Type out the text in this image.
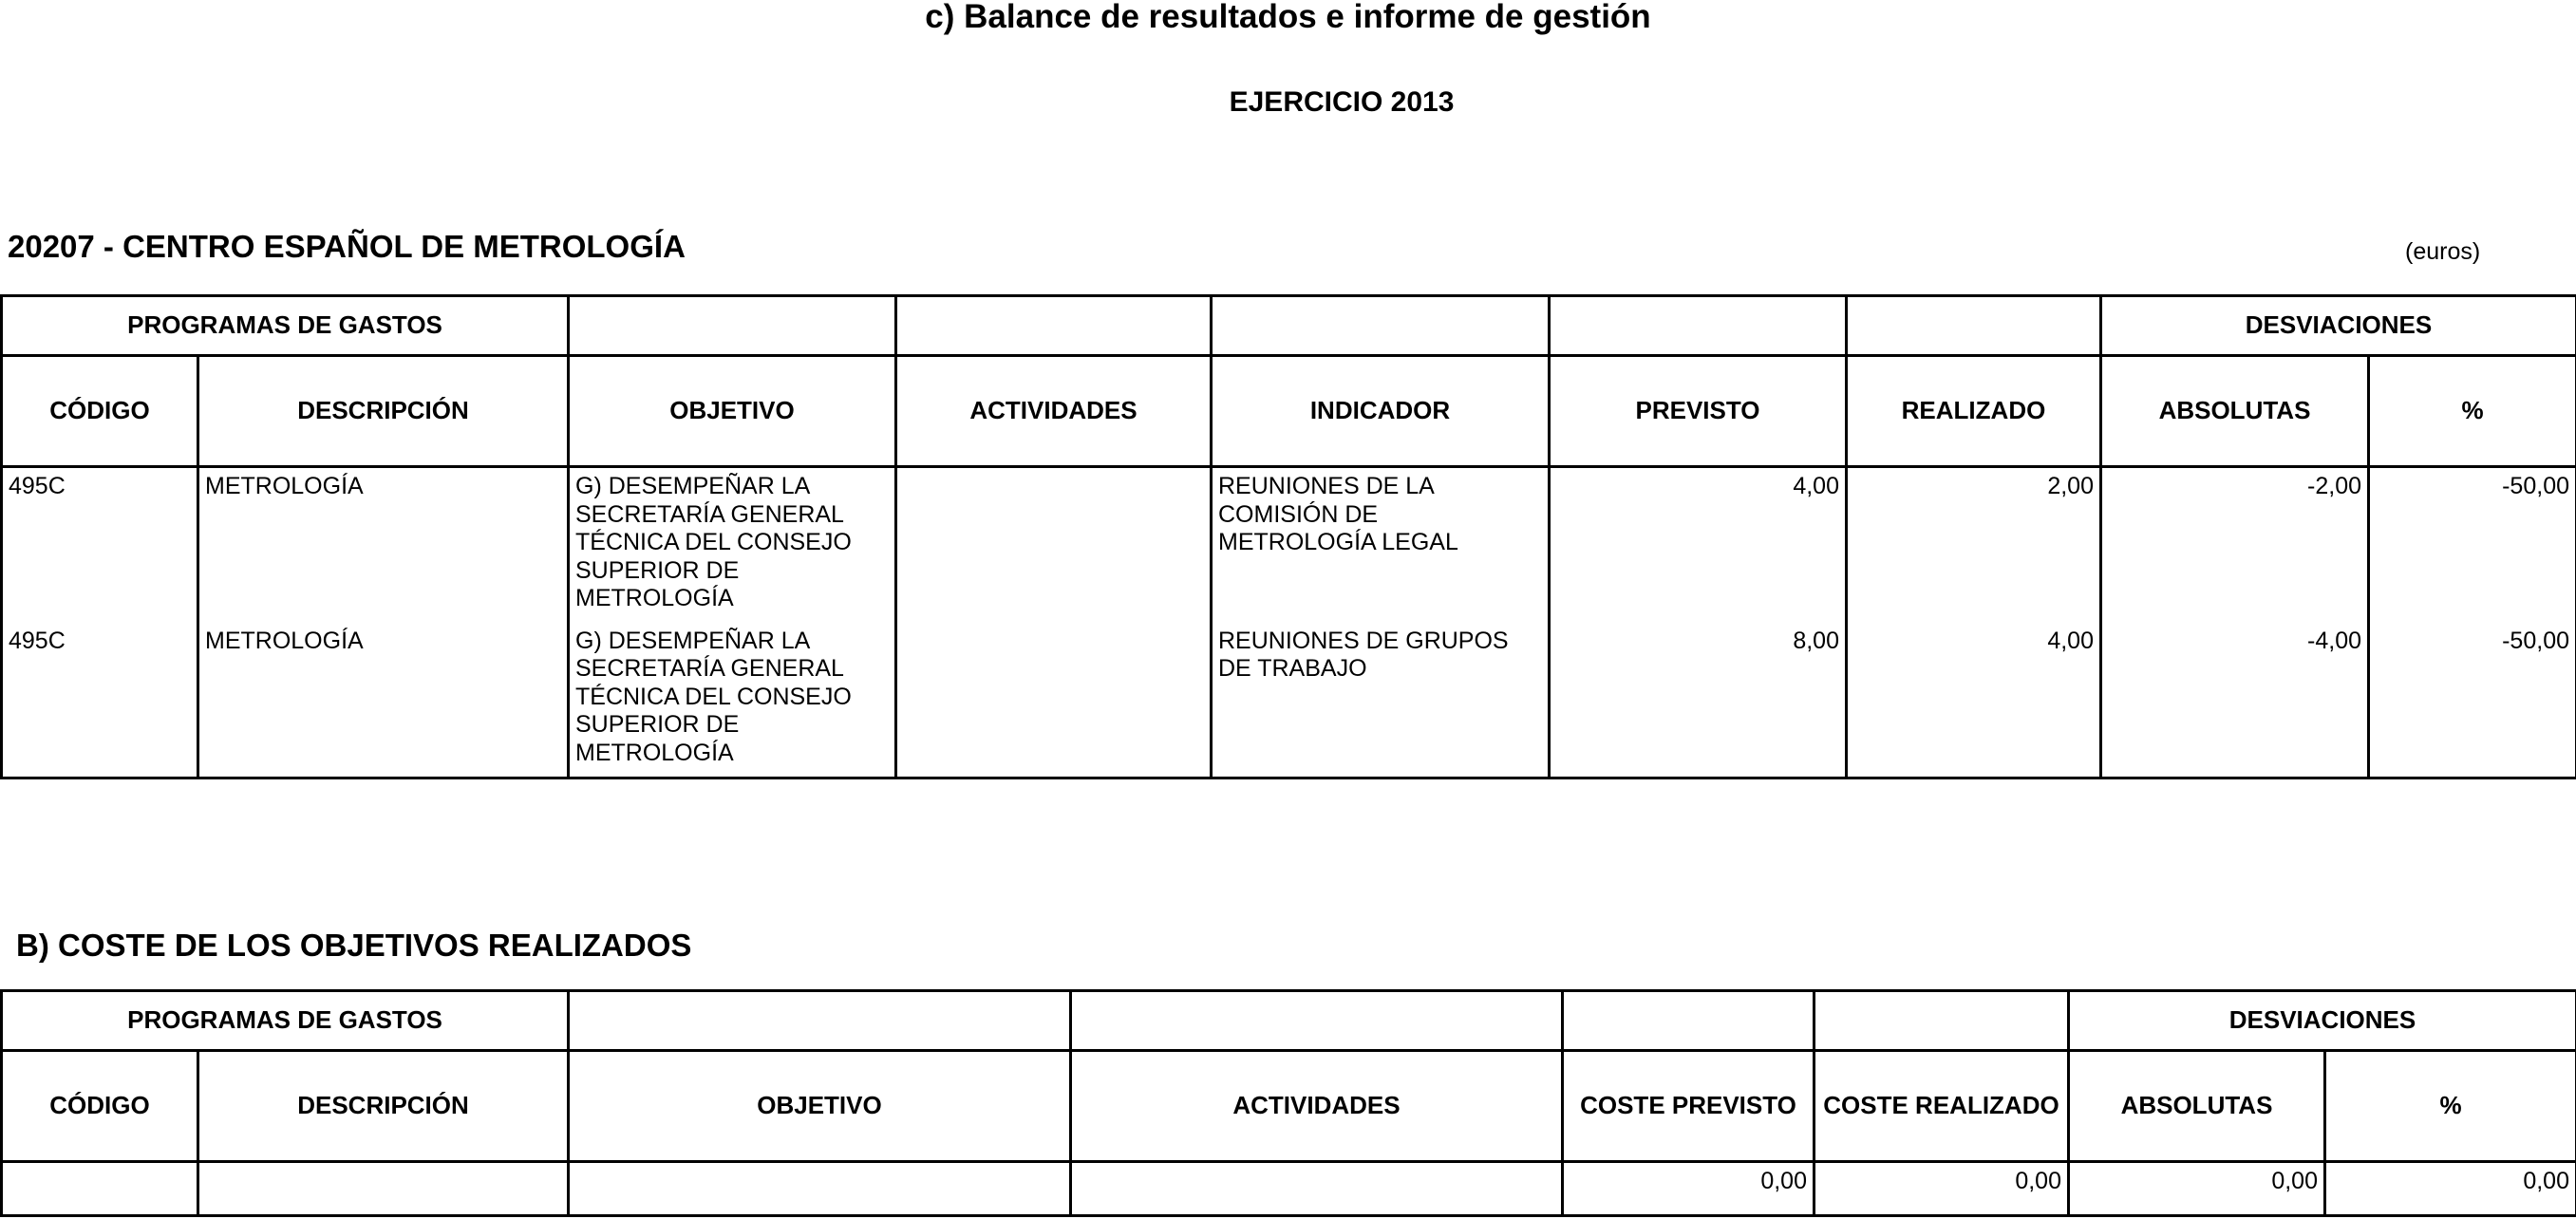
c) Balance de resultados e informe de gestión
EJERCICIO 2013
20207 - CENTRO ESPAÑOL DE METROLOGÍA	(euros)
PROGRAMAS DE GASTOS							DESVIACIONES	
CÓDIGO	DESCRIPCIÓN	OBJETIVO	ACTIVIDADES	INDICADOR	PREVISTO	REALIZADO	ABSOLUTAS	%
495C	METROLOGÍA	G) DESEMPEÑAR LA SECRETARÍA GENERAL TÉCNICA DEL CONSEJO SUPERIOR DE METROLOGÍA		REUNIONES DE LA COMISIÓN DE METROLOGÍA LEGAL	4,00	2,00	-2,00	-50,00
495C	METROLOGÍA	G) DESEMPEÑAR LA SECRETARÍA GENERAL TÉCNICA DEL CONSEJO SUPERIOR DE METROLOGÍA		REUNIONES DE GRUPOS DE TRABAJO	8,00	4,00	-4,00	-50,00
B) COSTE DE LOS OBJETIVOS REALIZADOS
PROGRAMAS DE GASTOS						DESVIACIONES	
CÓDIGO	DESCRIPCIÓN	OBJETIVO	ACTIVIDADES	COSTE PREVISTO	COSTE REALIZADO	ABSOLUTAS	%
				0,00	0,00	0,00	0,00
